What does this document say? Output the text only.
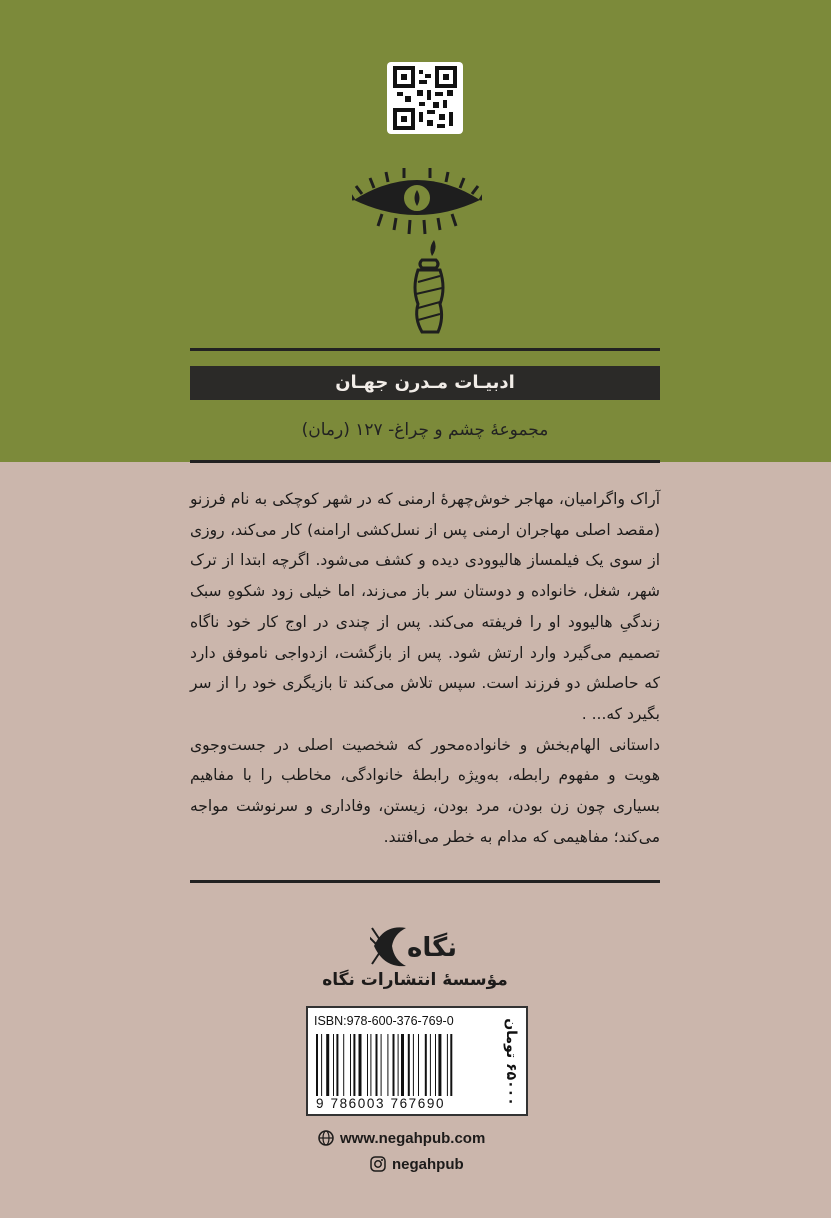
ادبیـات مـدرن جهـان
مجموعهٔ چشم و چراغ- ۱۲۷ (رمان)

آراک واگرامیان، مهاجر خوش‌چهرهٔ ارمنی که در شهر کوچکی به نام فرزنو (مقصد اصلی مهاجران ارمنی پس از نسل‌کشی ارامنه) کار می‌کند، روزی از سوی یک فیلمساز هالیوودی دیده و کشف می‌شود. اگرچه ابتدا از ترک شهر، شغل، خانواده و دوستان سر باز می‌زند، اما خیلی زود شکوهِ سبک زندگیِ هالیوود او را فریفته می‌کند. پس از چندی در اوج کار خود ناگاه تصمیم می‌گیرد وارد ارتش شود. پس از بازگشت، ازدواجی ناموفق دارد که حاصلش دو فرزند است. سپس تلاش می‌کند تا بازیگری خود را از سر بگیرد که... .

داستانی الهام‌بخش و خانواده‌محور که شخصیت اصلی در جست‌وجوی هویت و مفهوم رابطه، به‌ویژه رابطهٔ خانوادگی، مخاطب را با مفاهیم بسیاری چون زن بودن، مرد بودن، زیستن، وفاداری و سرنوشت مواجه می‌کند؛ مفاهیمی که مدام به خطر می‌افتند.

نگاه
مؤسسهٔ انتشارات نگاه
ISBN:978-600-376-769-0
9 786003 767690
۶۵۰۰۰ تومان
www.negahpub.com
negahpub
